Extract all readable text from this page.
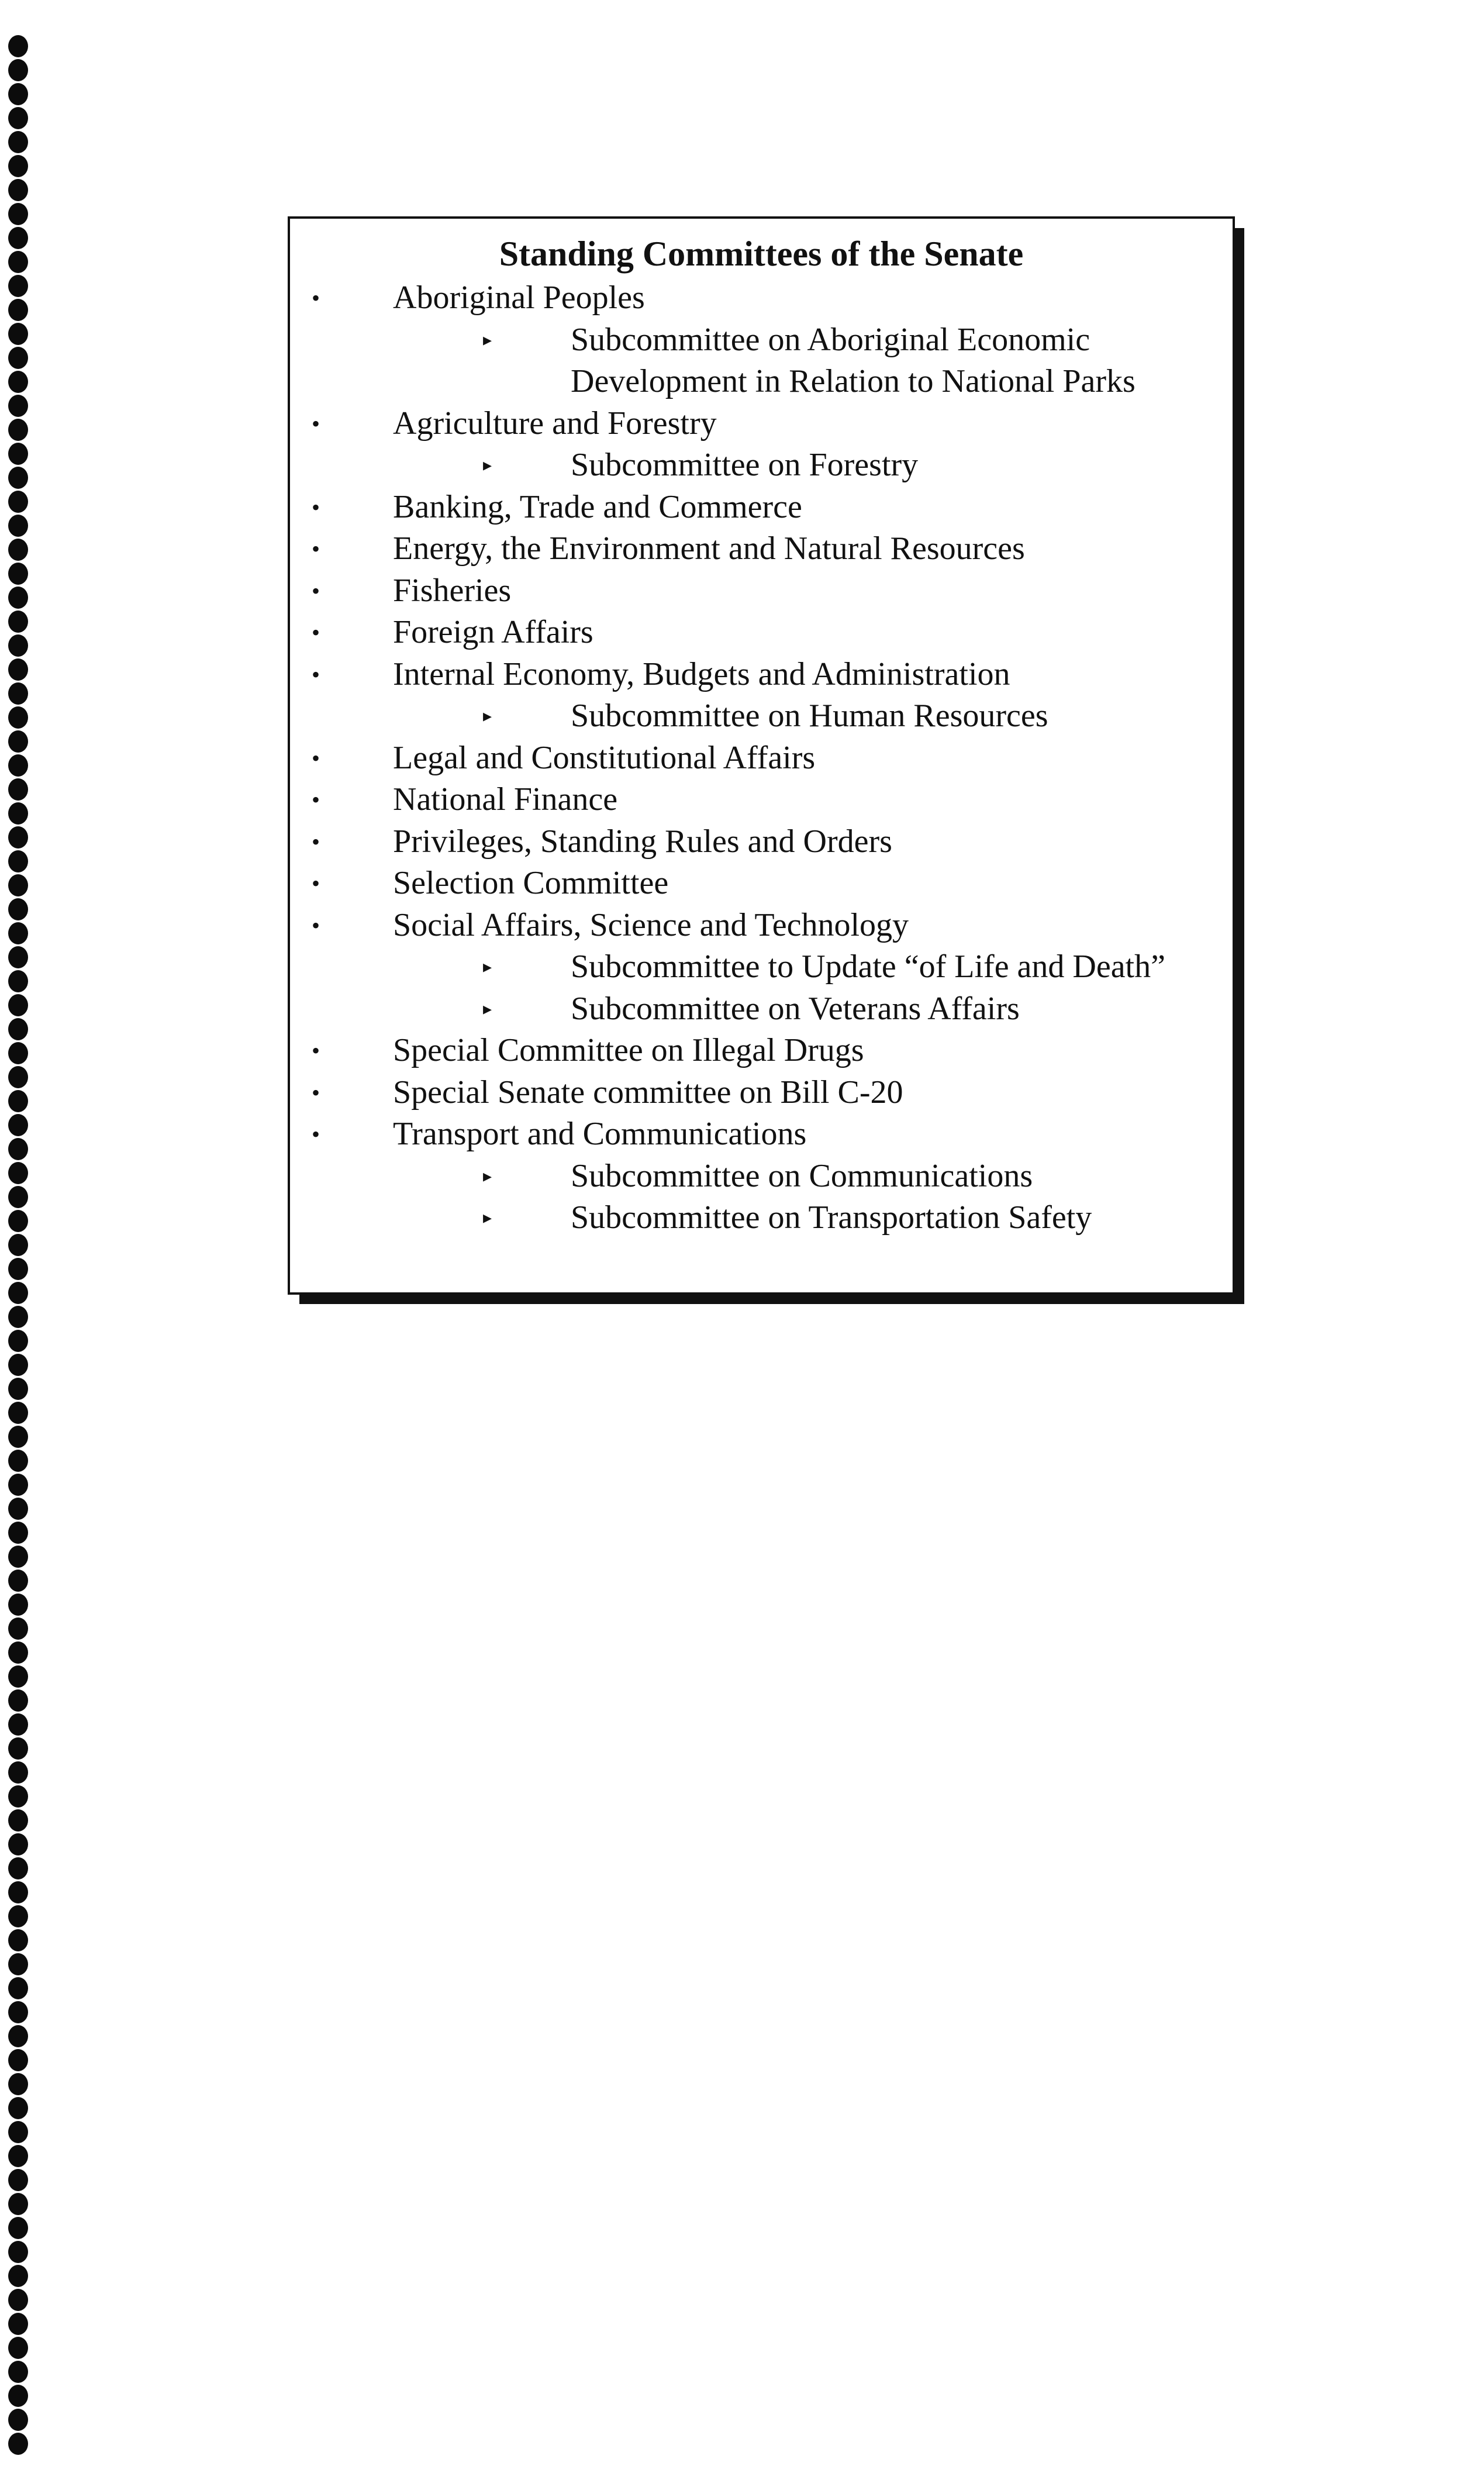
Standing Committees of the Senate
• Aboriginal Peoples
▸ Subcommittee on Aboriginal Economic
Development in Relation to National Parks
• Agriculture and Forestry
▸ Subcommittee on Forestry
• Banking, Trade and Commerce
• Energy, the Environment and Natural Resources
• Fisheries
• Foreign Affairs
• Internal Economy, Budgets and Administration
▸ Subcommittee on Human Resources
• Legal and Constitutional Affairs
• National Finance
• Privileges, Standing Rules and Orders
• Selection Committee
• Social Affairs, Science and Technology
▸ Subcommittee to Update “of Life and Death”
▸ Subcommittee on Veterans Affairs
• Special Committee on Illegal Drugs
• Special Senate committee on Bill C-20
• Transport and Communications
▸ Subcommittee on Communications
▸ Subcommittee on Transportation Safety
